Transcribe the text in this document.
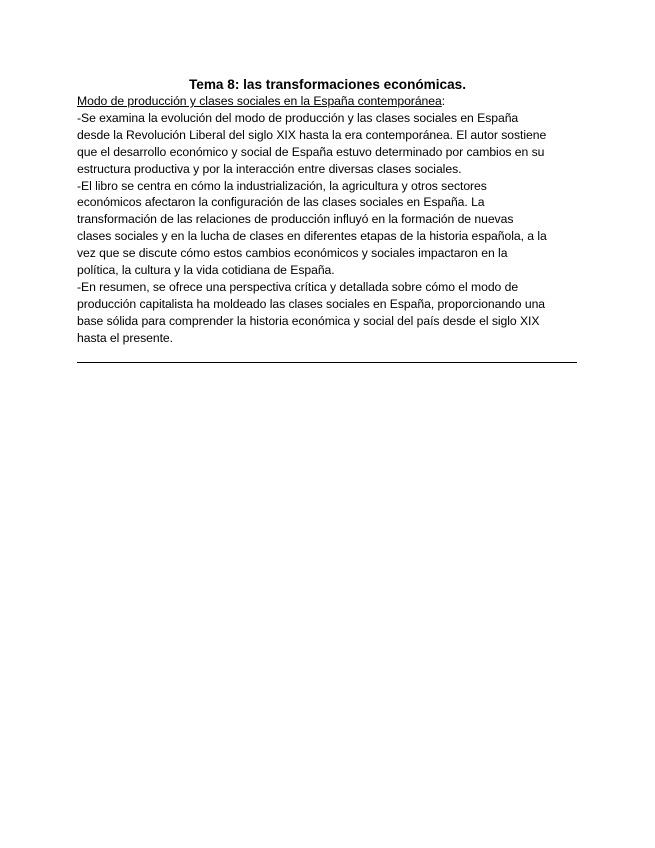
Tema 8: las transformaciones económicas.

Modo de producción y clases sociales en la España contemporánea:

-Se examina la evolución del modo de producción y las clases sociales en España

desde la Revolución Liberal del siglo XIX hasta la era contemporánea. El autor sostiene

que el desarrollo económico y social de España estuvo determinado por cambios en su

estructura productiva y por la interacción entre diversas clases sociales.

-El libro se centra en cómo la industrialización, la agricultura y otros sectores

económicos afectaron la configuración de las clases sociales en España. La

transformación de las relaciones de producción influyó en la formación de nuevas

clases sociales y en la lucha de clases en diferentes etapas de la historia española, a la

vez que se discute cómo estos cambios económicos y sociales impactaron en la

política, la cultura y la vida cotidiana de España.

-En resumen, se ofrece una perspectiva crítica y detallada sobre cómo el modo de

producción capitalista ha moldeado las clases sociales en España, proporcionando una

base sólida para comprender la historia económica y social del país desde el siglo XIX

hasta el presente.
